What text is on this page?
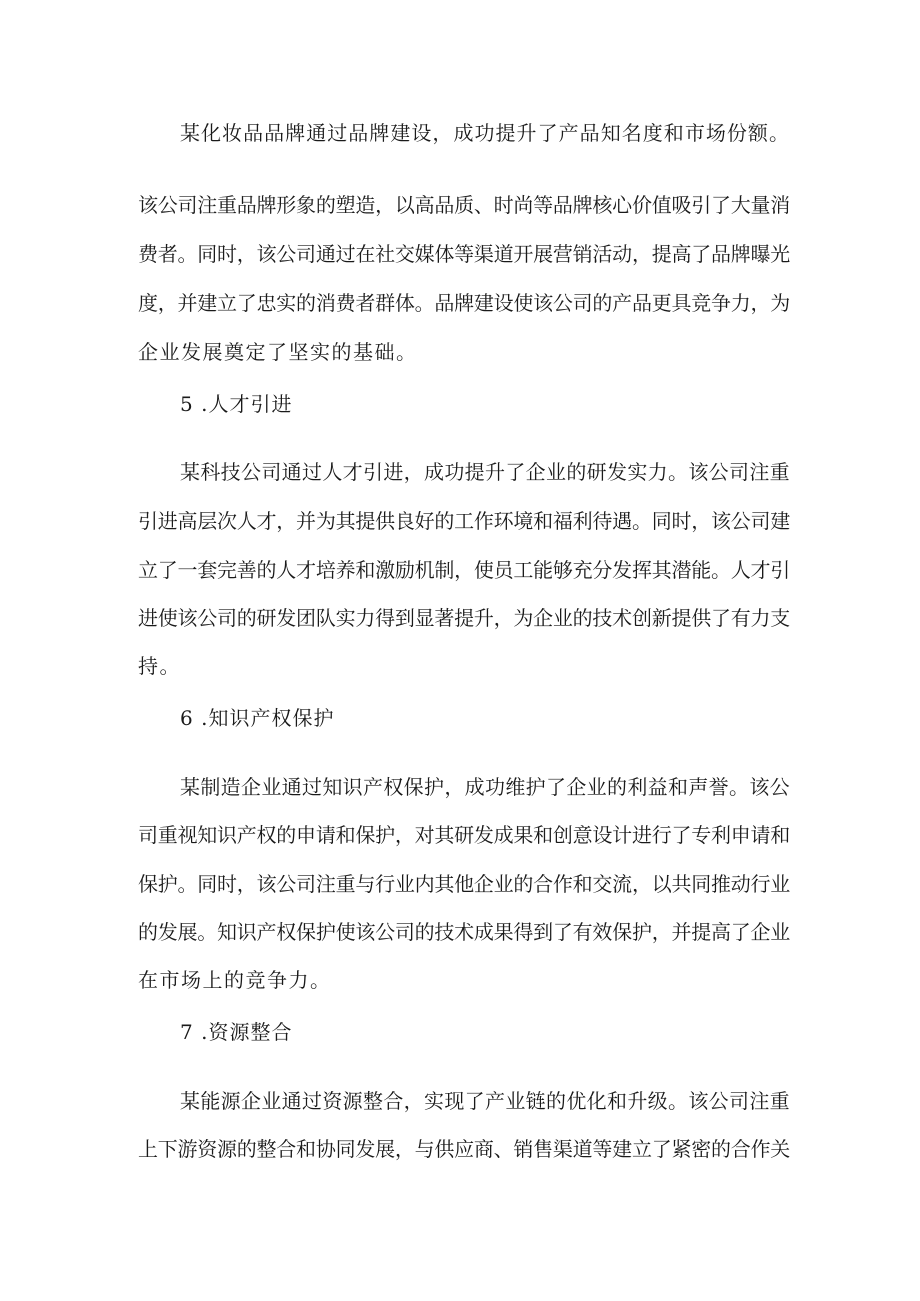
某化妆品品牌通过品牌建设，成功提升了产品知名度和市场份额。
该公司注重品牌形象的塑造，以高品质、时尚等品牌核心价值吸引了大量消
费者。同时，该公司通过在社交媒体等渠道开展营销活动，提高了品牌曝光
度，并建立了忠实的消费者群体。品牌建设使该公司的产品更具竞争力，为
企业发展奠定了坚实的基础。
5 .人才引进
某科技公司通过人才引进，成功提升了企业的研发实力。该公司注重
引进高层次人才，并为其提供良好的工作环境和福利待遇。同时，该公司建
立了一套完善的人才培养和激励机制，使员工能够充分发挥其潜能。人才引
进使该公司的研发团队实力得到显著提升，为企业的技术创新提供了有力支
持。
6 .知识产权保护
某制造企业通过知识产权保护，成功维护了企业的利益和声誉。该公
司重视知识产权的申请和保护，对其研发成果和创意设计进行了专利申请和
保护。同时，该公司注重与行业内其他企业的合作和交流，以共同推动行业
的发展。知识产权保护使该公司的技术成果得到了有效保护，并提高了企业
在市场上的竞争力。
7 .资源整合
某能源企业通过资源整合，实现了产业链的优化和升级。该公司注重
上下游资源的整合和协同发展，与供应商、销售渠道等建立了紧密的合作关
